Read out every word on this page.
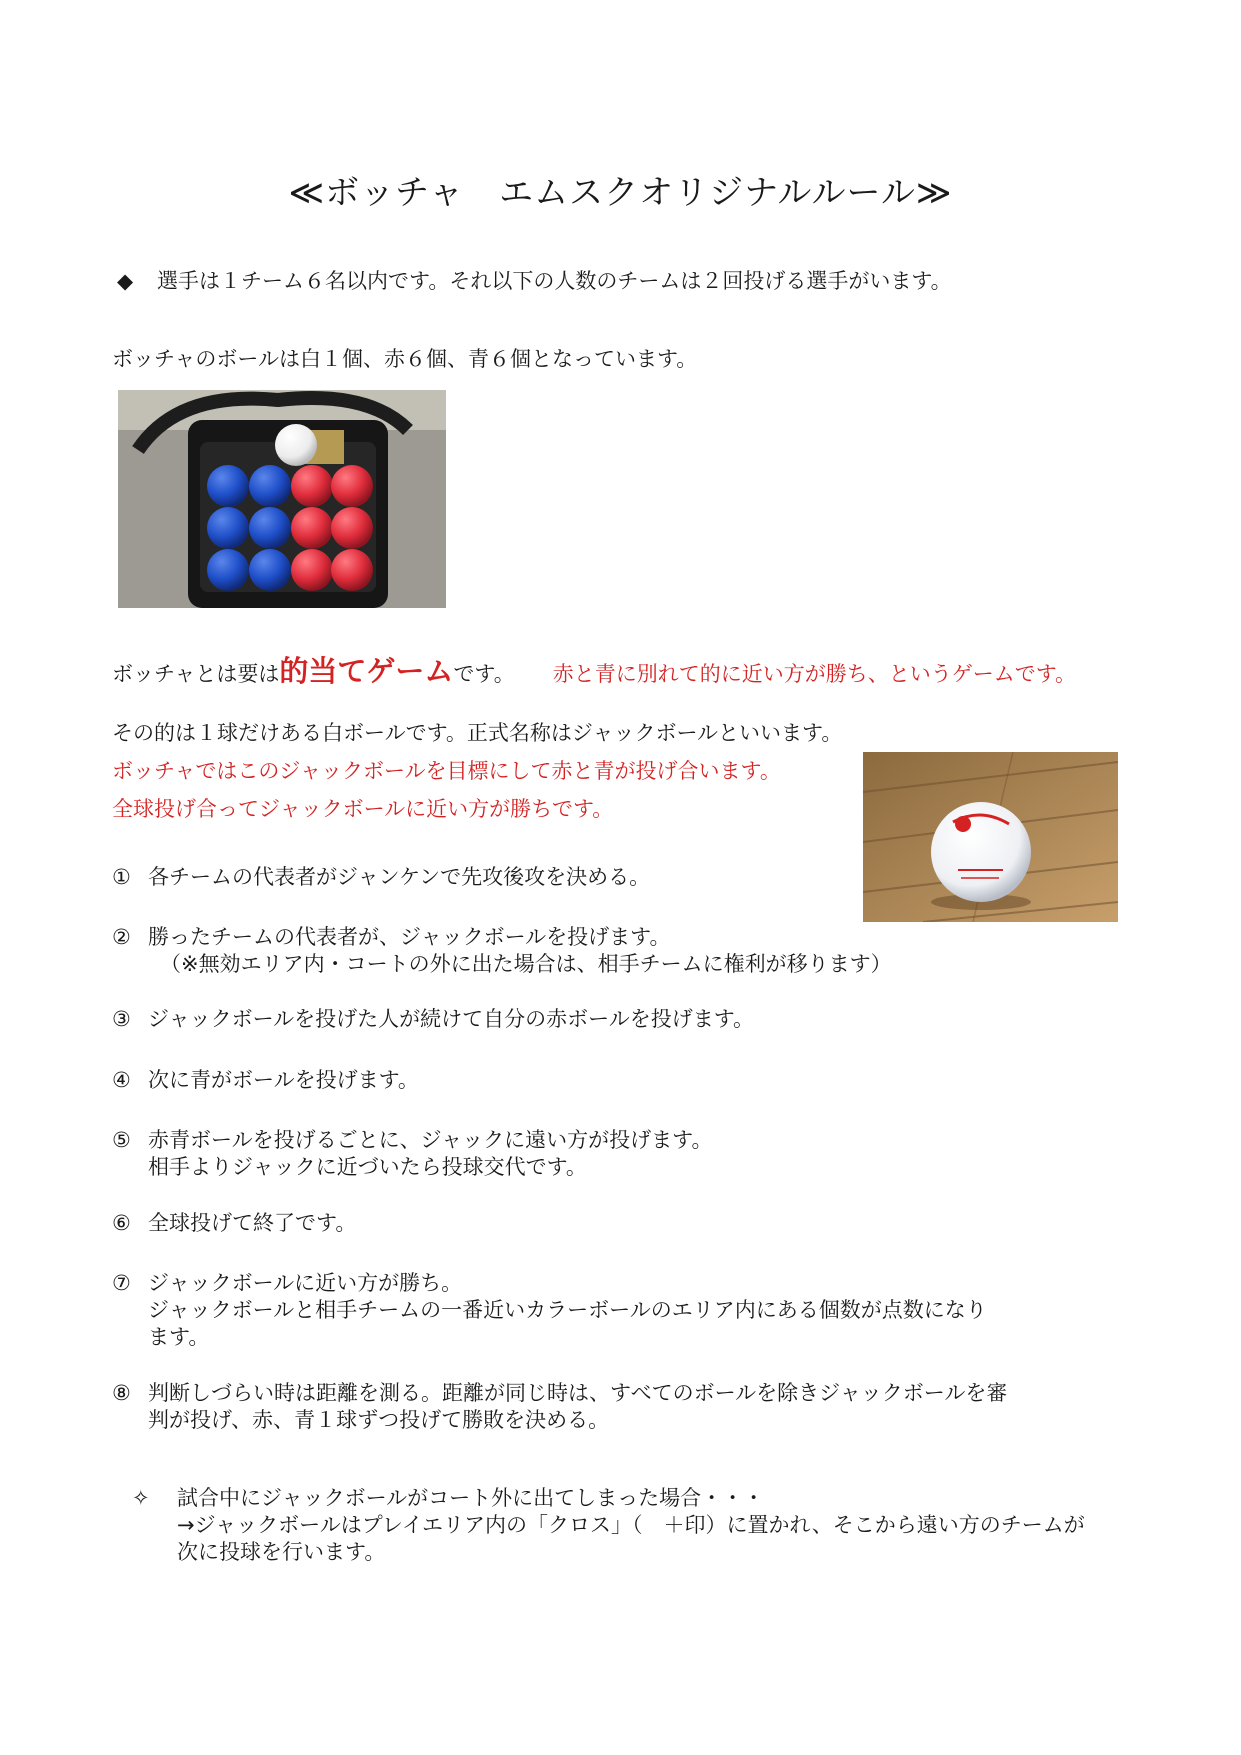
≪ボッチャ　エムスクオリジナルルール≫
◆ 選手は１チーム６名以内です。それ以下の人数のチームは２回投げる選手がいます。
ボッチャのボールは白１個、赤６個、青６個となっています。
ボッチャとは要は的当てゲームです。 赤と青に別れて的に近い方が勝ち、というゲームです。
その的は１球だけある白ボールです。正式名称はジャックボールといいます。
ボッチャではこのジャックボールを目標にして赤と青が投げ合います。
全球投げ合ってジャックボールに近い方が勝ちです。
① 各チームの代表者がジャンケンで先攻後攻を決める。
② 勝ったチームの代表者が、ジャックボールを投げます。
（※無効エリア内・コートの外に出た場合は、相手チームに権利が移ります）
③ ジャックボールを投げた人が続けて自分の赤ボールを投げます。
④ 次に青がボールを投げます。
⑤ 赤青ボールを投げるごとに、ジャックに遠い方が投げます。
相手よりジャックに近づいたら投球交代です。
⑥ 全球投げて終了です。
⑦ ジャックボールに近い方が勝ち。
ジャックボールと相手チームの一番近いカラーボールのエリア内にある個数が点数になり
ます。
⑧ 判断しづらい時は距離を測る。距離が同じ時は、すべてのボールを除きジャックボールを審
判が投げ、赤、青１球ずつ投げて勝敗を決める。
✧ 試合中にジャックボールがコート外に出てしまった場合・・・
→ジャックボールはプレイエリア内の「クロス」（　＋印）に置かれ、そこから遠い方のチームが
次に投球を行います。
